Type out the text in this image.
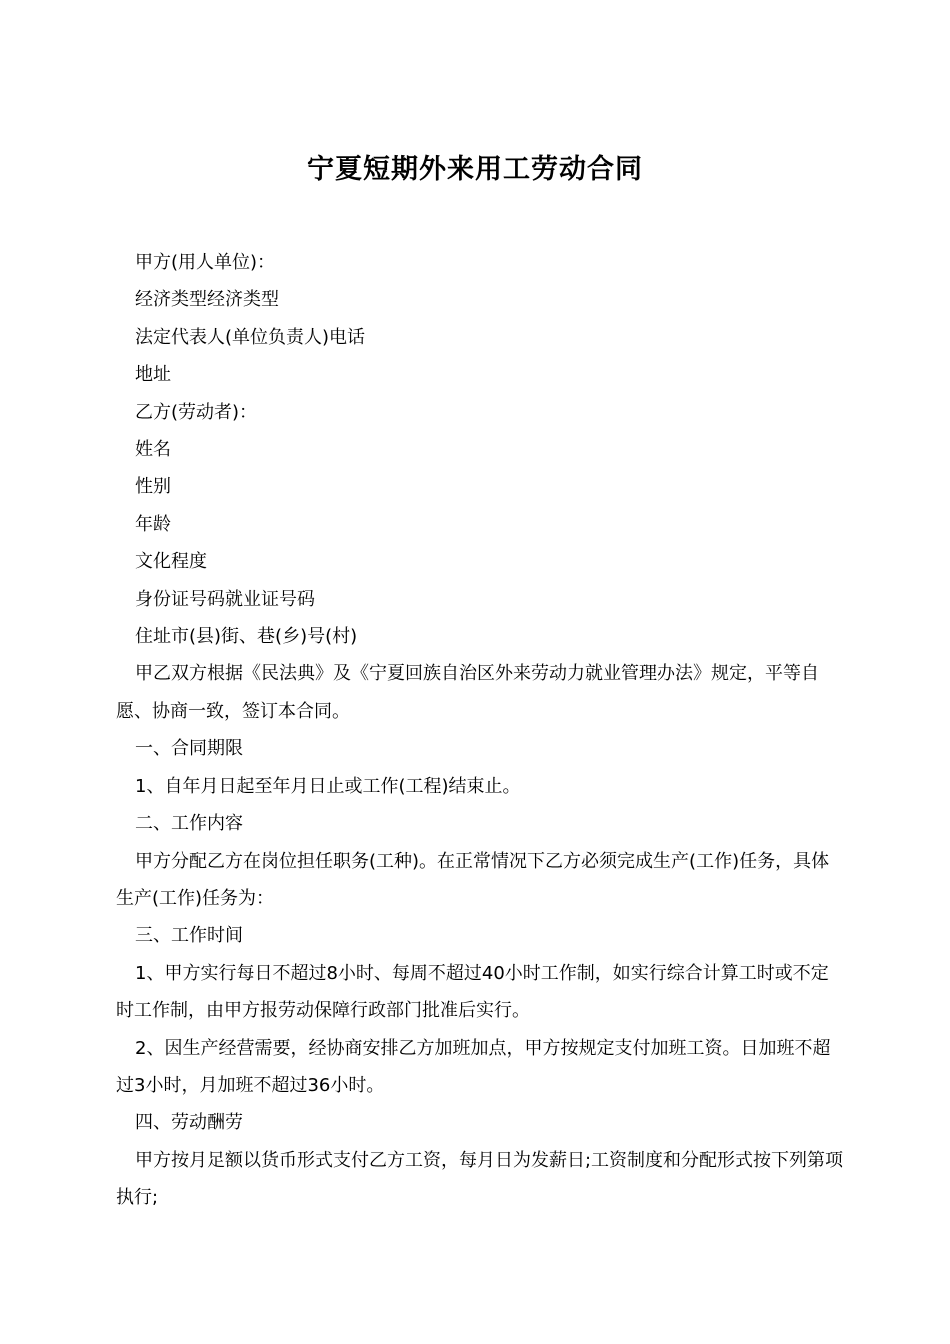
宁夏短期外来用工劳动合同

甲方(用人单位)：

经济类型经济类型

法定代表人(单位负责人)电话

地址

乙方(劳动者)：

姓名

性别

年龄

文化程度

身份证号码就业证号码

住址市(县)街、巷(乡)号(村)

甲乙双方根据《民法典》及《宁夏回族自治区外来劳动力就业管理办法》规定，平等自愿、协商一致，签订本合同。

一、合同期限

1、自年月日起至年月日止或工作(工程)结束止。

二、工作内容

甲方分配乙方在岗位担任职务(工种)。在正常情况下乙方必须完成生产(工作)任务，具体生产(工作)任务为：

三、工作时间

1、甲方实行每日不超过8小时、每周不超过40小时工作制，如实行综合计算工时或不定时工作制，由甲方报劳动保障行政部门批准后实行。

2、因生产经营需要，经协商安排乙方加班加点，甲方按规定支付加班工资。日加班不超过3小时，月加班不超过36小时。

四、劳动酬劳

甲方按月足额以货币形式支付乙方工资，每月日为发薪日;工资制度和分配形式按下列第项执行;
